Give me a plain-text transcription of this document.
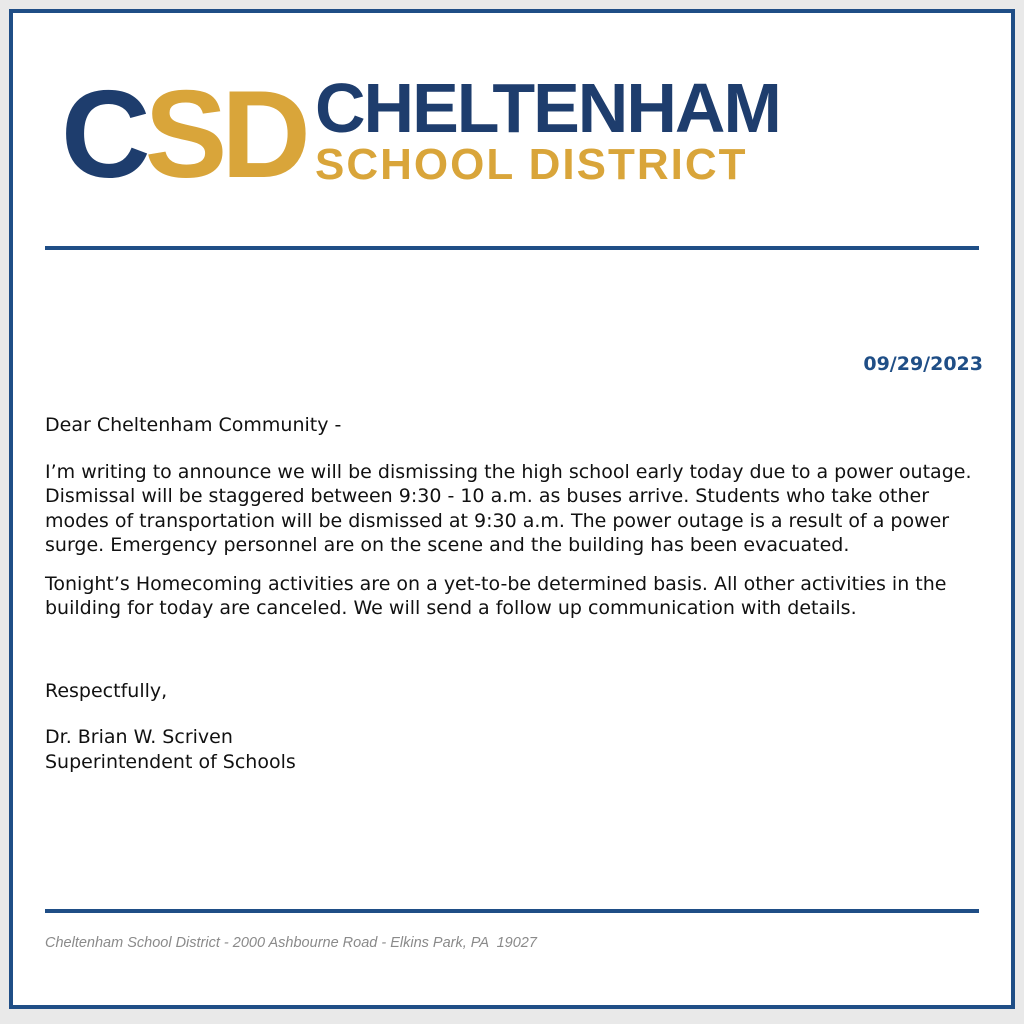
CSD CHELTENHAM
SCHOOL DISTRICT
09/29/2023

Dear Cheltenham Community -

I’m writing to announce we will be dismissing the high school early today due to a power outage. Dismissal will be staggered between 9:30 - 10 a.m. as buses arrive. Students who take other modes of transportation will be dismissed at 9:30 a.m. The power outage is a result of a power surge. Emergency personnel are on the scene and the building has been evacuated.

Tonight’s Homecoming activities are on a yet-to-be determined basis. All other activities in the building for today are canceled. We will send a follow up communication with details.

Respectfully,

Dr. Brian W. Scriven

Superintendent of Schools

Cheltenham School District - 2000 Ashbourne Road - Elkins Park, PA  19027
